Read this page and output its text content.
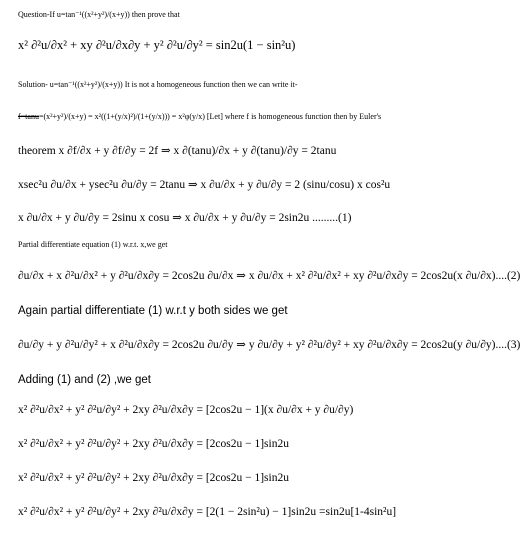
Question-If u=tan⁻¹((x²+y²)/(x+y)) then prove that
x² ∂²u/∂x² + xy ∂²u/∂x∂y + y² ∂²u/∂y² = sin2u(1 − sin²u)
Solution- u=tan⁻¹((x²+y²)/(x+y)) It is not a homogeneous function then we can write it-
f=tanu=(x²+y²)/(x+y) = x²((1+(y/x)²)/(1+(y/x))) = x²φ(y/x) [Let] where f is homogeneous function then by Euler's
theorem x ∂f/∂x + y ∂f/∂y = 2f ⇒ x ∂(tanu)/∂x + y ∂(tanu)/∂y = 2tanu
xsec²u ∂u/∂x + ysec²u ∂u/∂y = 2tanu ⇒ x ∂u/∂x + y ∂u/∂y = 2 (sinu/cosu) x cos²u
x ∂u/∂x + y ∂u/∂y = 2sinu x cosu ⇒ x ∂u/∂x + y ∂u/∂y = 2sin2u .........(1)
Partial differentiate equation (1) w.r.t. x,we get
∂u/∂x + x ∂²u/∂x² + y ∂²u/∂x∂y = 2cos2u ∂u/∂x ⇒ x ∂u/∂x + x² ∂²u/∂x² + xy ∂²u/∂x∂y = 2cos2u(x ∂u/∂x)....(2)
Again partial differentiate (1) w.r.t y both sides we get
∂u/∂y + y ∂²u/∂y² + x ∂²u/∂x∂y = 2cos2u ∂u/∂y ⇒ y ∂u/∂y + y² ∂²u/∂y² + xy ∂²u/∂x∂y = 2cos2u(y ∂u/∂y)....(3)
Adding (1) and (2) ,we get
x² ∂²u/∂x² + y² ∂²u/∂y² + 2xy ∂²u/∂x∂y = [2cos2u − 1](x ∂u/∂x + y ∂u/∂y)
x² ∂²u/∂x² + y² ∂²u/∂y² + 2xy ∂²u/∂x∂y = [2cos2u − 1]sin2u
x² ∂²u/∂x² + y² ∂²u/∂y² + 2xy ∂²u/∂x∂y = [2cos2u − 1]sin2u
x² ∂²u/∂x² + y² ∂²u/∂y² + 2xy ∂²u/∂x∂y = [2(1 − 2sin²u) − 1]sin2u =sin2u[1-4sin²u]
